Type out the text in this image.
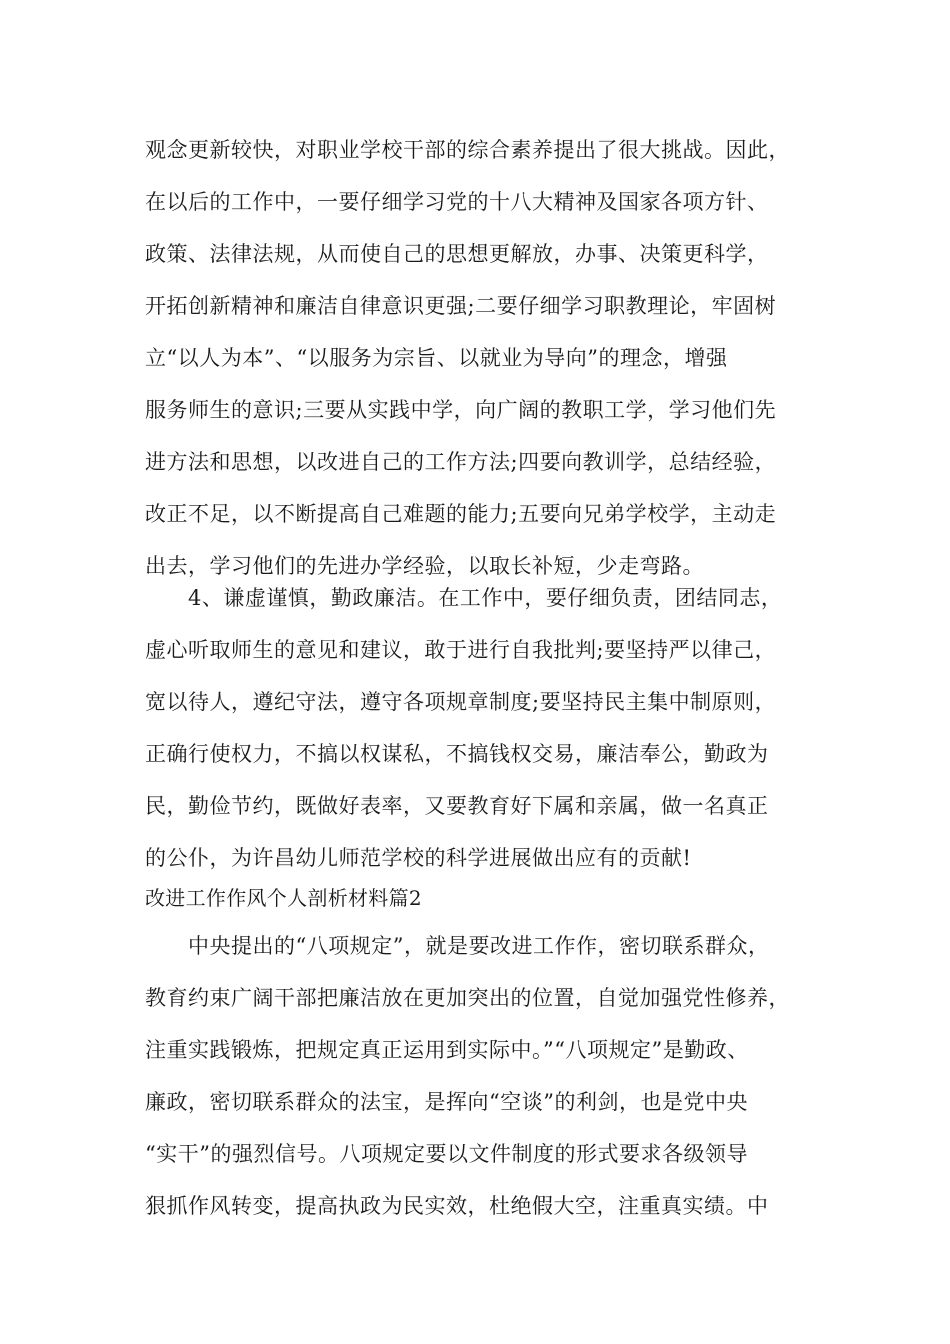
观念更新较快，对职业学校干部的综合素养提出了很大挑战。因此，
在以后的工作中，一要仔细学习党的十八大精神及国家各项方针、
政策、法律法规，从而使自己的思想更解放，办事、决策更科学，
开拓创新精神和廉洁自律意识更强;二要仔细学习职教理论，牢固树
立“以人为本”、“以服务为宗旨、以就业为导向”的理念，增强
服务师生的意识;三要从实践中学，向广阔的教职工学，学习他们先
进方法和思想，以改进自己的工作方法;四要向教训学，总结经验，
改正不足，以不断提高自己难题的能力;五要向兄弟学校学，主动走
出去，学习他们的先进办学经验，以取长补短，少走弯路。
4、谦虚谨慎，勤政廉洁。在工作中，要仔细负责，团结同志，
虚心听取师生的意见和建议，敢于进行自我批判;要坚持严以律己，
宽以待人，遵纪守法，遵守各项规章制度;要坚持民主集中制原则，
正确行使权力，不搞以权谋私，不搞钱权交易，廉洁奉公，勤政为
民，勤俭节约，既做好表率，又要教育好下属和亲属，做一名真正
的公仆，为许昌幼儿师范学校的科学进展做出应有的贡献!
改进工作作风个人剖析材料篇2
中央提出的“八项规定”，就是要改进工作作，密切联系群众，
教育约束广阔干部把廉洁放在更加突出的位置，自觉加强党性修养，
注重实践锻炼，把规定真正运用到实际中。”“八项规定”是勤政、
廉政，密切联系群众的法宝，是挥向“空谈”的利剑，也是党中央
“实干”的强烈信号。八项规定要以文件制度的形式要求各级领导
狠抓作风转变，提高执政为民实效，杜绝假大空，注重真实绩。中
